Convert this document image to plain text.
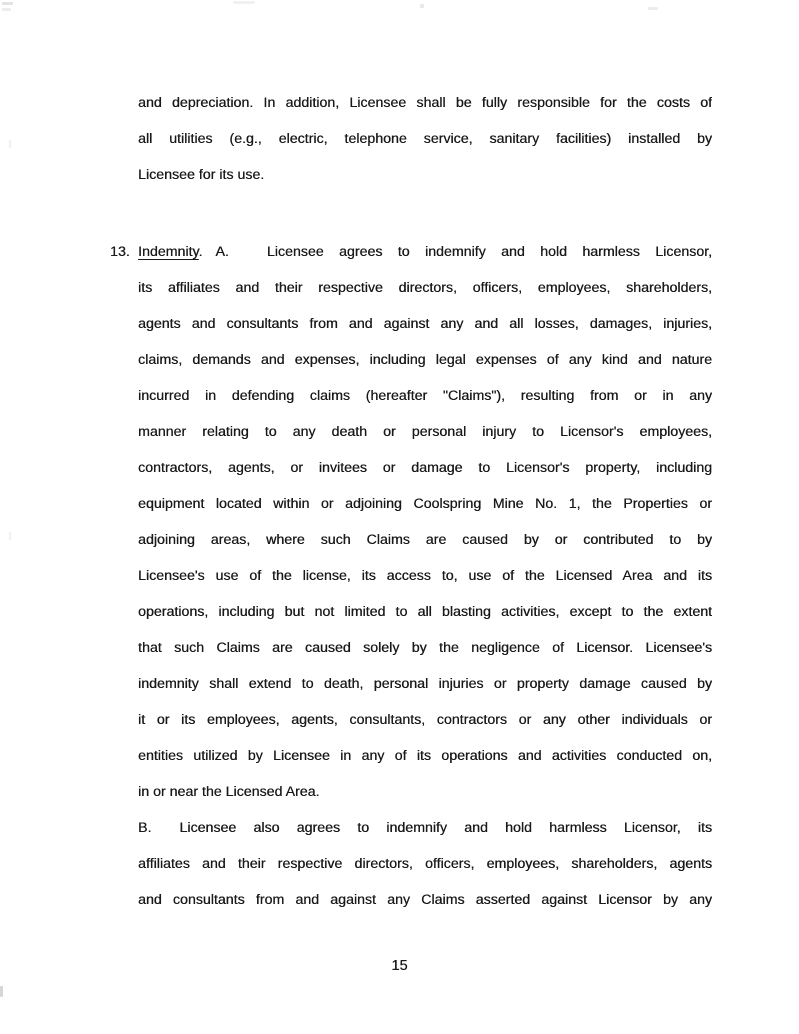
and depreciation. In addition, Licensee shall be fully responsible for the costs of
all utilities (e.g., electric, telephone service, sanitary facilities) installed by
Licensee for its use.
13. Indemnity. A.	Licensee agrees to indemnify and hold harmless Licensor,
its affiliates and their respective directors, officers, employees, shareholders,
agents and consultants from and against any and all losses, damages, injuries,
claims, demands and expenses, including legal expenses of any kind and nature
incurred in defending claims (hereafter "Claims"), resulting from or in any
manner relating to any death or personal injury to Licensor's employees,
contractors, agents, or invitees or damage to Licensor's property, including
equipment located within or adjoining Coolspring Mine No. 1, the Properties or
adjoining areas, where such Claims are caused by or contributed to by
Licensee's use of the license, its access to, use of the Licensed Area and its
operations, including but not limited to all blasting activities, except to the extent
that such Claims are caused solely by the negligence of Licensor. Licensee's
indemnity shall extend to death, personal injuries or property damage caused by
it or its employees, agents, consultants, contractors or any other individuals or
entities utilized by Licensee in any of its operations and activities conducted on,
in or near the Licensed Area.
B. Licensee also agrees to indemnify and hold harmless Licensor, its
affiliates and their respective directors, officers, employees, shareholders, agents
and consultants from and against any Claims asserted against Licensor by any
15
